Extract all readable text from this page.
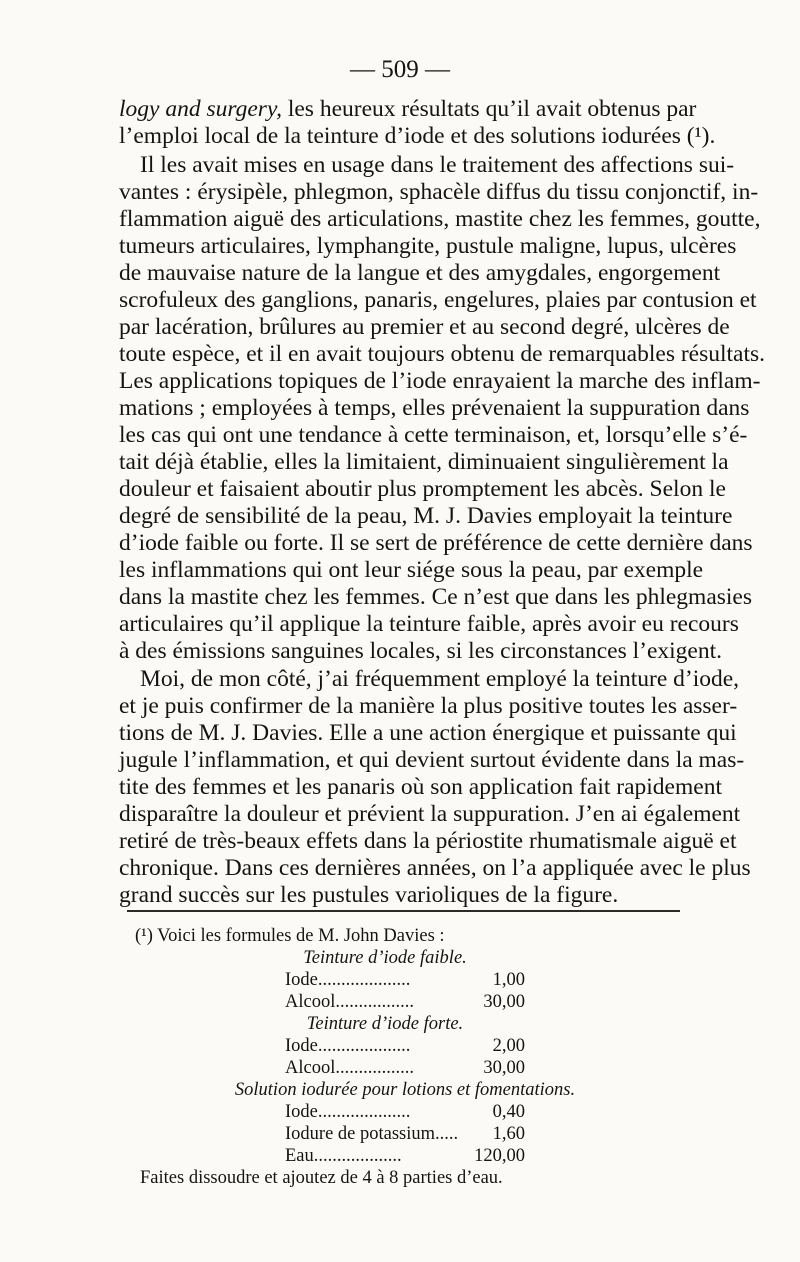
— 509 —
logy and surgery, les heureux résultats qu’il avait obtenus par
l’emploi local de la teinture d’iode et des solutions iodurées (¹).
Il les avait mises en usage dans le traitement des affections sui-
vantes : érysipèle, phlegmon, sphacèle diffus du tissu conjonctif, in-
flammation aiguë des articulations, mastite chez les femmes, goutte,
tumeurs articulaires, lymphangite, pustule maligne, lupus, ulcères
de mauvaise nature de la langue et des amygdales, engorgement
scrofuleux des ganglions, panaris, engelures, plaies par contusion et
par lacération, brûlures au premier et au second degré, ulcères de
toute espèce, et il en avait toujours obtenu de remarquables résultats.
Les applications topiques de l’iode enrayaient la marche des inflam-
mations ; employées à temps, elles prévenaient la suppuration dans
les cas qui ont une tendance à cette terminaison, et, lorsqu’elle s’é-
tait déjà établie, elles la limitaient, diminuaient singulièrement la
douleur et faisaient aboutir plus promptement les abcès. Selon le
degré de sensibilité de la peau, M. J. Davies employait la teinture
d’iode faible ou forte. Il se sert de préférence de cette dernière dans
les inflammations qui ont leur siége sous la peau, par exemple
dans la mastite chez les femmes. Ce n’est que dans les phlegmasies
articulaires qu’il applique la teinture faible, après avoir eu recours
à des émissions sanguines locales, si les circonstances l’exigent.
Moi, de mon côté, j’ai fréquemment employé la teinture d’iode,
et je puis confirmer de la manière la plus positive toutes les asser-
tions de M. J. Davies. Elle a une action énergique et puissante qui
jugule l’inflammation, et qui devient surtout évidente dans la mas-
tite des femmes et les panaris où son application fait rapidement
disparaître la douleur et prévient la suppuration. J’en ai également
retiré de très-beaux effets dans la périostite rhumatismale aiguë et
chronique. Dans ces dernières années, on l’a appliquée avec le plus
grand succès sur les pustules varioliques de la figure.
(¹) Voici les formules de M. John Davies :
Teinture d’iode faible.
Iode....................	1,00
Alcool.................	30,00
Teinture d’iode forte.
Iode....................	2,00
Alcool.................	30,00
Solution iodurée pour lotions et fomentations.
Iode....................	0,40
Iodure de potassium.....	1,60
Eau...................	120,00
Faites dissoudre et ajoutez de 4 à 8 parties d’eau.
